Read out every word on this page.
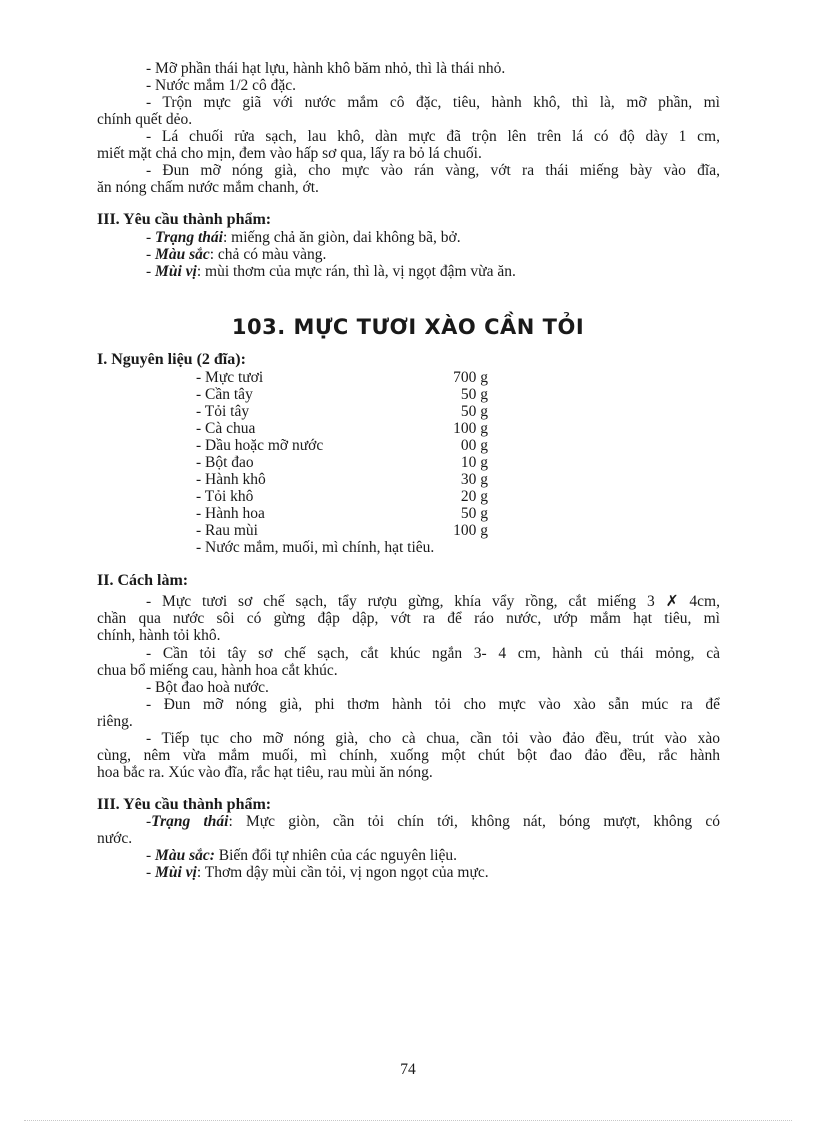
- Mỡ phần thái hạt lựu, hành khô băm nhỏ, thì là thái nhỏ.
- Nước mắm 1/2 cô đặc.
- Trộn mực giã với nước mắm cô đặc, tiêu, hành khô, thì là, mỡ phần, mì
chính quết dẻo.
- Lá chuối rửa sạch, lau khô, dàn mực đã trộn lên trên lá có độ dày 1 cm,
miết mặt chả cho mịn, đem vào hấp sơ qua, lấy ra bỏ lá chuối.
- Đun mỡ nóng già, cho mực vào rán vàng, vớt ra thái miếng bày vào đĩa,
ăn nóng chấm nước mắm chanh, ớt.
III. Yêu cầu thành phẩm:
- Trạng thái: miếng chả ăn giòn, dai không bã, bở.
- Màu sắc: chả có màu vàng.
- Mùi vị: mùi thơm của mực rán, thì là, vị ngọt đậm vừa ăn.
103. MỰC TƯƠI XÀO CẦN TỎI
I. Nguyên liệu (2 đĩa):
- Mực tươi	700 g
- Cần tây	50 g
- Tỏi tây	50 g
- Cà chua	100 g
- Dầu hoặc mỡ nước	00 g
- Bột đao	10 g
- Hành khô	30 g
- Tỏi khô	20 g
- Hành hoa	50 g
- Rau mùi	100 g
- Nước mắm, muối, mì chính, hạt tiêu.
II. Cách làm:
- Mực tươi sơ chế sạch, tẩy rượu gừng, khía vẩy rồng, cắt miếng 3 ✗ 4cm,
chần qua nước sôi có gừng đập dập, vớt ra để ráo nước, ướp mắm hạt tiêu, mì
chính, hành tỏi khô.
- Cần tỏi tây sơ chế sạch, cắt khúc ngắn 3- 4 cm, hành củ thái mỏng, cà
chua bổ miếng cau, hành hoa cắt khúc.
- Bột đao hoà nước.
- Đun mỡ nóng già, phi thơm hành tỏi cho mực vào xào sẫn múc ra để
riêng.
- Tiếp tục cho mỡ nóng già, cho cà chua, cần tỏi vào đảo đều, trút vào xào
cùng, nêm vừa mắm muối, mì chính, xuống một chút bột đao đảo đều, rắc hành
hoa bắc ra. Xúc vào đĩa, rắc hạt tiêu, rau mùi ăn nóng.
III. Yêu cầu thành phẩm:
-Trạng thái: Mực giòn, cần tỏi chín tới, không nát, bóng mượt, không có
nước.
- Màu sắc: Biến đổi tự nhiên của các nguyên liệu.
- Mùi vị: Thơm dậy mùi cần tỏi, vị ngon ngọt của mực.
74
